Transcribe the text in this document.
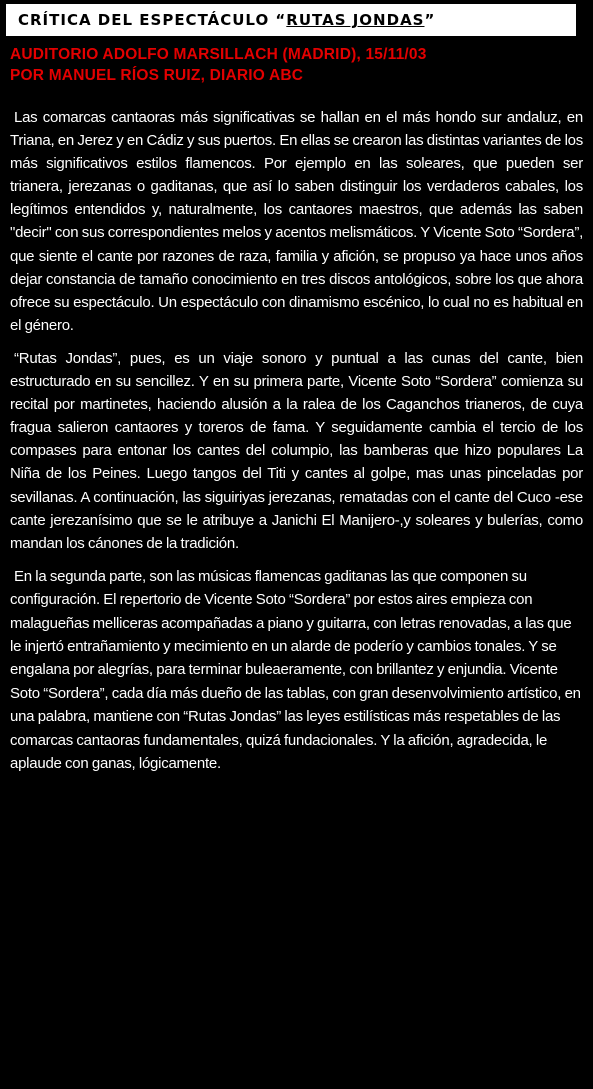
CRÍTICA DEL ESPECTÁCULO “RUTAS JONDAS”
AUDITORIO ADOLFO MARSILLACH (MADRID), 15/11/03
POR MANUEL RÍOS RUIZ, DIARIO ABC

Las comarcas cantaoras más significativas se hallan en el más hondo sur andaluz, en Triana, en Jerez y en Cádiz y sus puertos. En ellas se crearon las distintas variantes de los más significativos estilos flamencos. Por ejemplo en las soleares, que pueden ser trianera, jerezanas o gaditanas, que así lo saben distinguir los verdaderos cabales, los legítimos entendidos y, naturalmente, los cantaores maestros, que además las saben "decir" con sus correspondientes melos y acentos melismáticos. Y Vicente Soto “Sordera”, que siente el cante por razones de raza, familia y afición, se propuso ya hace unos años dejar constancia de tamaño conocimiento en tres discos antológicos, sobre los que ahora ofrece su espectáculo. Un espectáculo con dinamismo escénico, lo cual no es habitual en el género.

“Rutas Jondas”, pues, es un viaje sonoro y puntual a las cunas del cante, bien estructurado en su sencillez. Y en su primera parte, Vicente Soto “Sordera” comienza su recital por martinetes, haciendo alusión a la ralea de los Caganchos trianeros, de cuya fragua salieron cantaores y toreros de fama. Y seguidamente cambia el tercio de los compases para entonar los cantes del columpio, las bamberas que hizo populares La Niña de los Peines. Luego tangos del Titi y cantes al golpe, mas unas pinceladas por sevillanas. A continuación, las siguiriyas jerezanas, rematadas con el cante del Cuco -ese cante jerezanísimo que se le atribuye a Janichi El Manijero-,y soleares y bulerías, como mandan los cánones de la tradición.

En la segunda parte, son las músicas flamencas gaditanas las que componen su configuración. El repertorio de Vicente Soto “Sordera” por estos aires empieza con malagueñas melliceras acompañadas a piano y guitarra, con letras renovadas, a las que le injertó entrañamiento y mecimiento en un alarde de poderío y cambios tonales. Y se engalana por alegrías, para terminar buleaeramente, con brillantez y enjundia. Vicente Soto “Sordera”, cada día más dueño de las tablas, con gran desenvolvimiento artístico, en una palabra, mantiene con “Rutas Jondas” las leyes estilísticas más respetables de las comarcas cantaoras fundamentales, quizá fundacionales. Y la afición, agradecida, le aplaude con ganas, lógicamente.
